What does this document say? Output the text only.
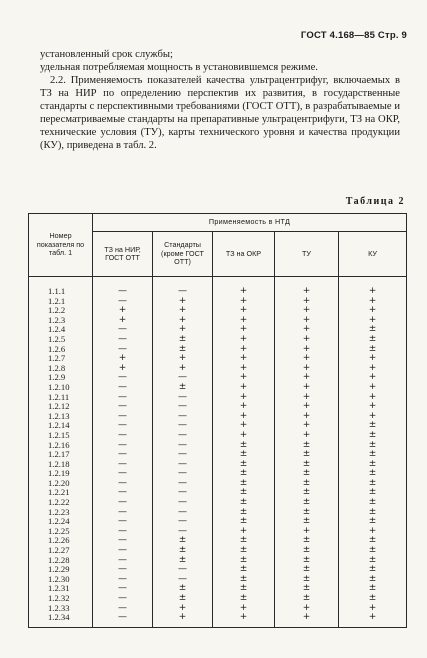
ГОСТ 4.168—85 Стр. 9

установленный срок службы;

удельная потребляемая мощность в установившемся режиме.

2.2. Применяемость показателей качества ультрацентрифуг, включаемых в ТЗ на НИР по определению перспектив их развития, в государственные стандарты с перспективными требованиями (ГОСТ ОТТ), в разрабатываемые и пересматриваемые стандарты на препаративные ультрацентрифуги, ТЗ на ОКР, технические условия (ТУ), карты технического уровня и качества продукции (КУ), приведена в табл. 2.

Таблица 2
Номер показателя по табл. 1	Применяемость в НТД				
	ТЗ на НИР, ГОСТ ОТТ	Стандарты (кроме ГОСТ ОТТ)	ТЗ на ОКР	ТУ	КУ
1.1.1	—	—	+	+	+
1.2.1	—	+	+	+	+
1.2.2	+	+	+	+	+
1.2.3	+	+	+	+	+
1.2.4	—	+	+	+	±
1.2.5	—	±	+	+	±
1.2.6	—	±	+	+	±
1.2.7	+	+	+	+	+
1.2.8	+	+	+	+	+
1.2.9	—	—	+	+	+
1.2.10	—	±	+	+	+
1.2.11	—	—	+	+	+
1.2.12	—	—	+	+	+
1.2.13	—	—	+	+	+
1.2.14	—	—	+	+	±
1.2.15	—	—	+	+	±
1.2.16	—	—	±	±	±
1.2.17	—	—	±	±	±
1.2.18	—	—	±	±	±
1.2.19	—	—	±	±	±
1.2.20	—	—	±	±	±
1.2.21	—	—	±	±	±
1.2.22	—	—	±	±	±
1.2.23	—	—	±	±	±
1.2.24	—	—	±	±	±
1.2.25	—	—	+	+	+
1.2.26	—	±	±	±	±
1.2.27	—	±	±	±	±
1.2.28	—	±	±	±	±
1.2.29	—	—	±	±	±
1.2.30	—	—	±	±	±
1.2.31	—	±	±	±	±
1.2.32	—	±	±	±	±
1.2.33	—	+	+	+	+
1.2.34	—	+	+	+	+
